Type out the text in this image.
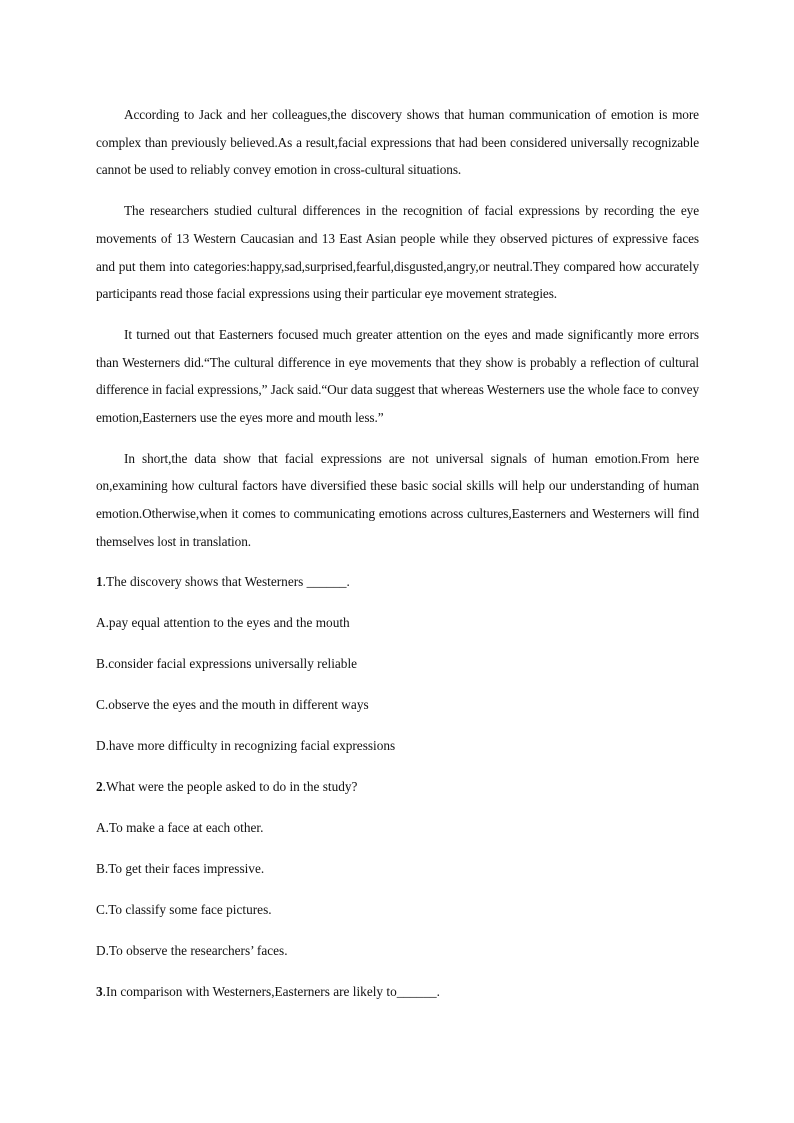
According to Jack and her colleagues,the discovery shows that human communication of emotion is more complex than previously believed.As a result,facial expressions that had been considered universally recognizable cannot be used to reliably convey emotion in cross-cultural situations.

The researchers studied cultural differences in the recognition of facial expressions by recording the eye movements of 13 Western Caucasian and 13 East Asian people while they observed pictures of expressive faces and put them into categories:happy,sad,surprised,fearful,disgusted,angry,or neutral.They compared how accurately participants read those facial expressions using their particular eye movement strategies.

It turned out that Easterners focused much greater attention on the eyes and made significantly more errors than Westerners did.“The cultural difference in eye movements that they show is probably a reflection of cultural difference in facial expressions,” Jack said.“Our data suggest that whereas Westerners use the whole face to convey emotion,Easterners use the eyes more and mouth less.”

In short,the data show that facial expressions are not universal signals of human emotion.From here on,examining how cultural factors have diversified these basic social skills will help our understanding of human emotion.Otherwise,when it comes to communicating emotions across cultures,Easterners and Westerners will find themselves lost in translation.

1.The discovery shows that Westerners ______.

A.pay equal attention to the eyes and the mouth

B.consider facial expressions universally reliable

C.observe the eyes and the mouth in different ways

D.have more difficulty in recognizing facial expressions

2.What were the people asked to do in the study?

A.To make a face at each other.

B.To get their faces impressive.

C.To classify some face pictures.

D.To observe the researchers’ faces.

3.In comparison with Westerners,Easterners are likely to______.
